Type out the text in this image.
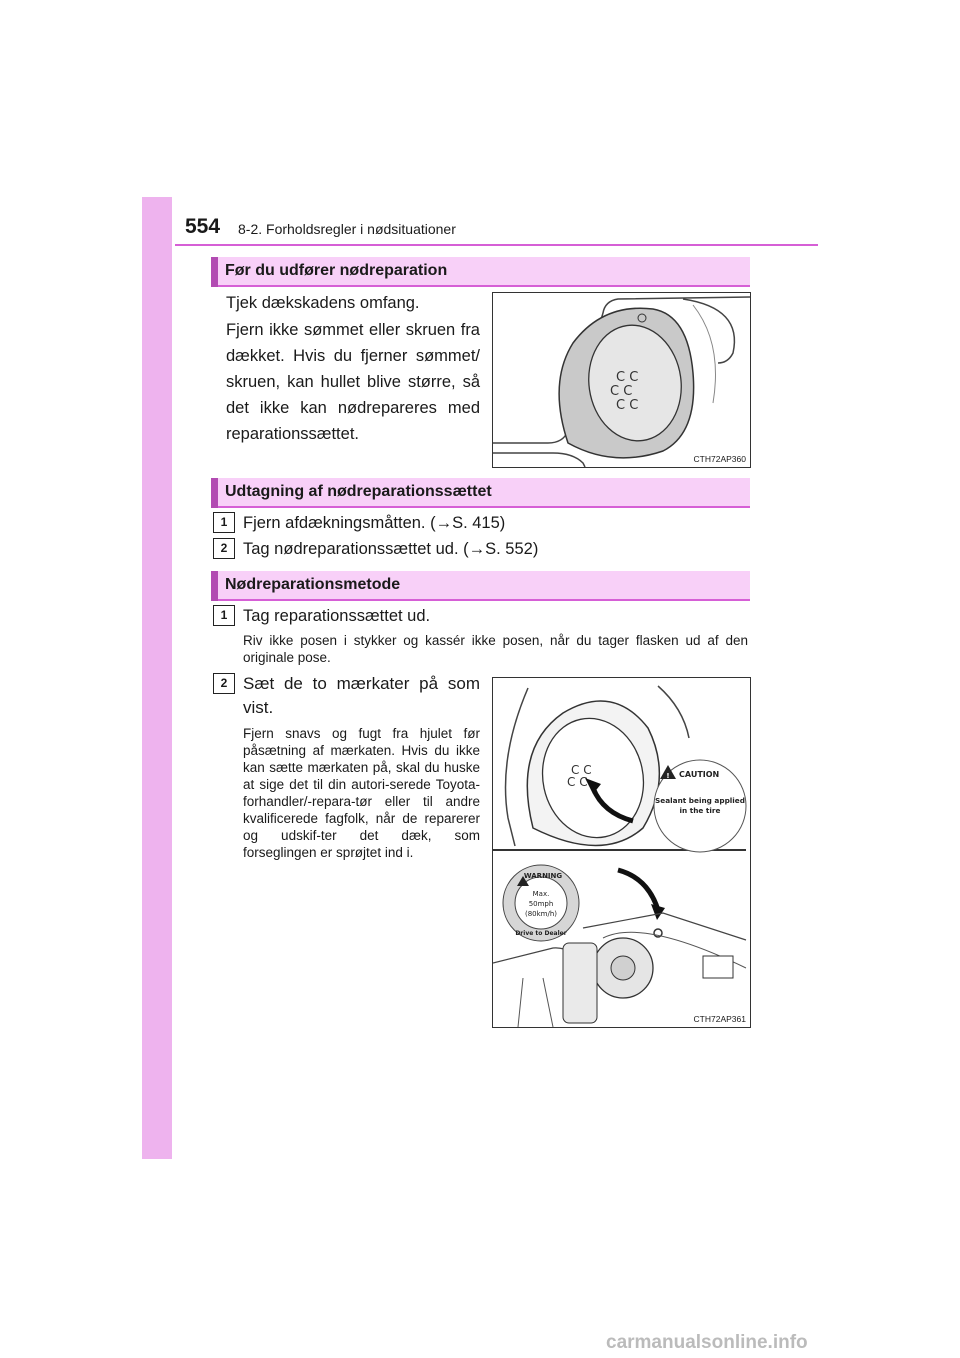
554 8-2. Forholdsregler i nødsituationer
Før du udfører nødreparation
Tjek dækskadens omfang.
Fjern ikke sømmet eller skruen fra dækket. Hvis du fjerner sømmet/ skruen, kan hullet blive større, så det ikke kan nødrepareres med reparationssættet.
C C
C C
C C
CTH72AP360
Udtagning af nødreparationssættet
1 Fjern afdækningsmåtten. (→S. 415)
2 Tag nødreparationssættet ud. (→S. 552)
Nødreparationsmetode
1 Tag reparationssættet ud.
Riv ikke posen i stykker og kassér ikke posen, når du tager flasken ud af den originale pose.
2 Sæt de to mærkater på som vist.
Fjern snavs og fugt fra hjulet før påsætning af mærkaten. Hvis du ikke kan sætte mærkaten på, skal du huske at sige det til din autori-serede Toyota-forhandler/-repara-tør eller til andre kvalificerede fagfolk, når de reparerer og udskif-ter det dæk, som forseglingen er sprøjtet ind i.
C C
C C	! CAUTION
Sealant being applied
in the tire
WARNING
Max.
50mph
(80km/h)
Drive to Dealer
CTH72AP361
carmanualsonline.info
